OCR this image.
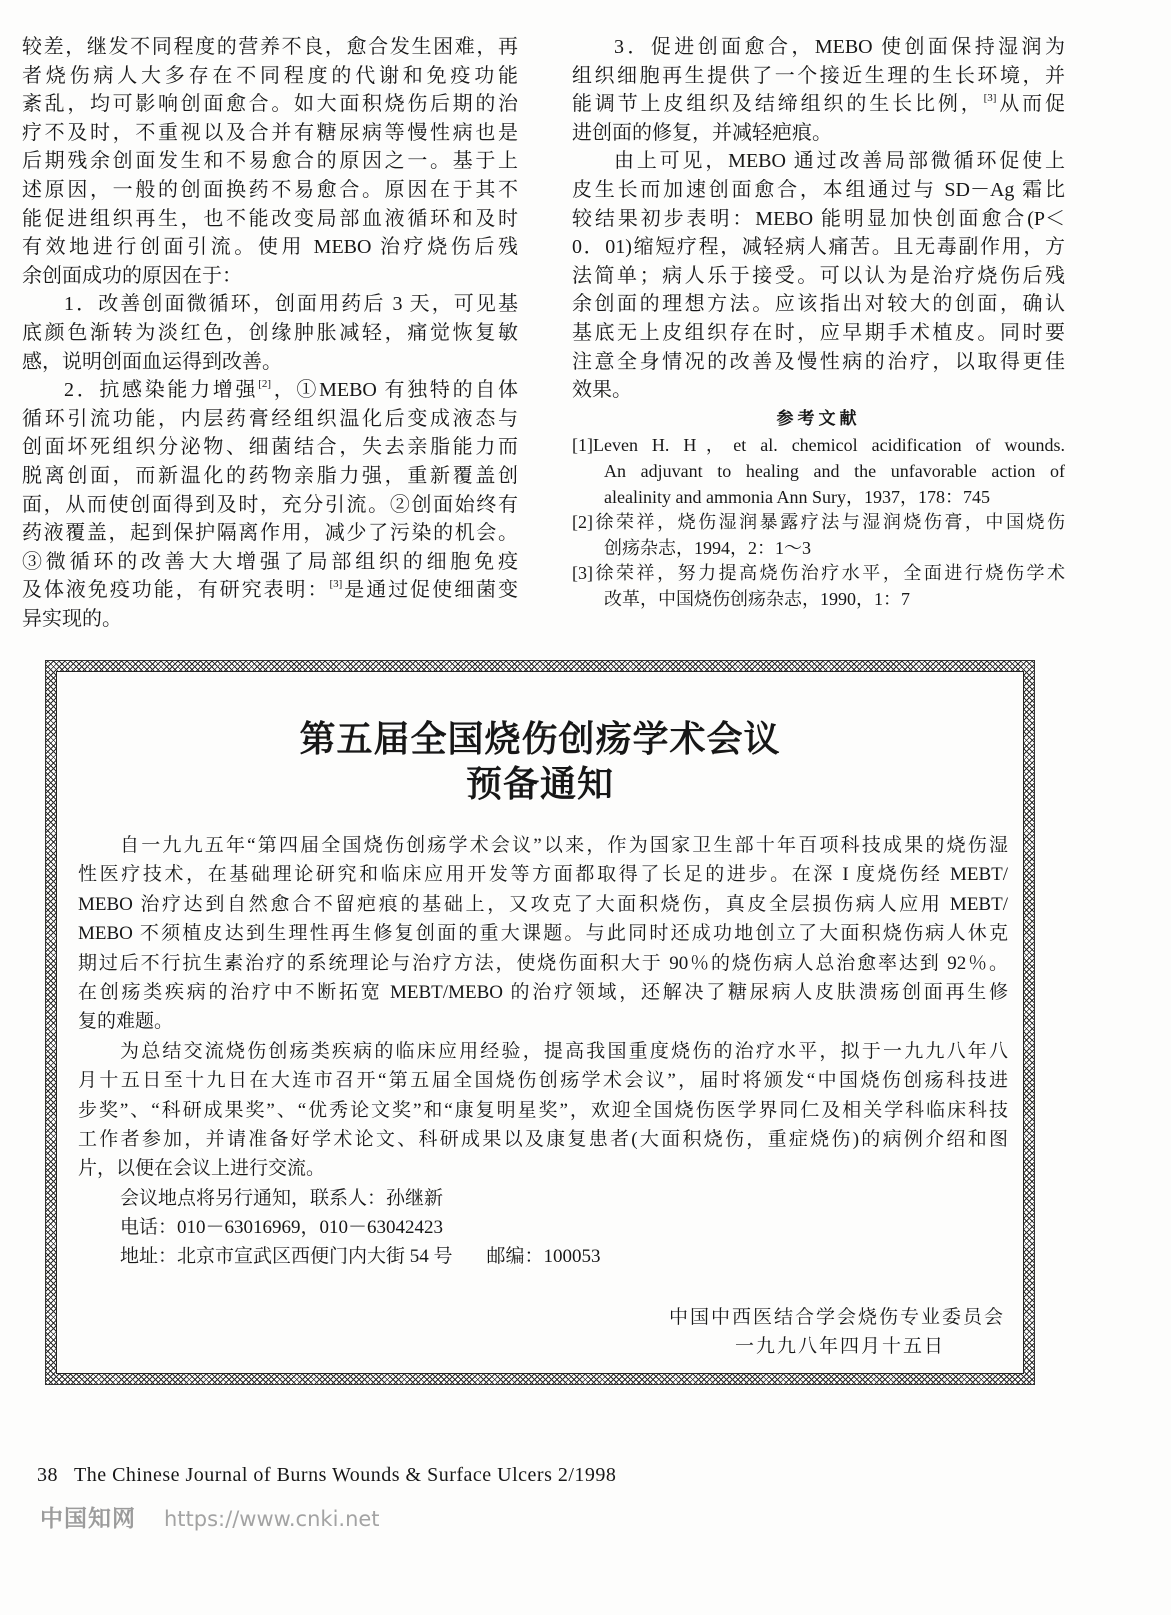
较差，继发不同程度的营养不良，愈合发生困难，再
者烧伤病人大多存在不同程度的代谢和免疫功能
紊乱，均可影响创面愈合。如大面积烧伤后期的治
疗不及时，不重视以及合并有糖尿病等慢性病也是
后期残余创面发生和不易愈合的原因之一。基于上
述原因，一般的创面换药不易愈合。原因在于其不
能促进组织再生，也不能改变局部血液循环和及时
有效地进行创面引流。使用 MEBO 治疗烧伤后残
余创面成功的原因在于：
1．改善创面微循环，创面用药后 3 天，可见基
底颜色渐转为淡红色，创缘肿胀减轻，痛觉恢复敏
感，说明创面血运得到改善。
2．抗感染能力增强[2]，①MEBO 有独特的自体
循环引流功能，内层药膏经组织温化后变成液态与
创面坏死组织分泌物、细菌结合，失去亲脂能力而
脱离创面，而新温化的药物亲脂力强，重新覆盖创
面，从而使创面得到及时，充分引流。②创面始终有
药液覆盖，起到保护隔离作用，减少了污染的机会。
③微循环的改善大大增强了局部组织的细胞免疫
及体液免疫功能，有研究表明：[3]是通过促使细菌变
异实现的。
3．促进创面愈合，MEBO 使创面保持湿润为
组织细胞再生提供了一个接近生理的生长环境，并
能调节上皮组织及结缔组织的生长比例，[3]从而促
进创面的修复，并减轻疤痕。
由上可见，MEBO 通过改善局部微循环促使上
皮生长而加速创面愈合，本组通过与 SD－Ag 霜比
较结果初步表明：MEBO 能明显加快创面愈合(P＜
0．01)缩短疗程，减轻病人痛苦。且无毒副作用，方
法简单；病人乐于接受。可以认为是治疗烧伤后残
余创面的理想方法。应该指出对较大的创面，确认
基底无上皮组织存在时，应早期手术植皮。同时要
注意全身情况的改善及慢性病的治疗，以取得更佳
效果。
参考文献
[1]Leven H. H，et al. chemicol acidification of wounds.
An adjuvant to healing and the unfavorable action of
alealinity and ammonia Ann Sury，1937，178：745
[2]徐荣祥，烧伤湿润暴露疗法与湿润烧伤膏，中国烧伤
创疡杂志，1994，2：1～3
[3]徐荣祥，努力提高烧伤治疗水平，全面进行烧伤学术
改革，中国烧伤创疡杂志，1990，1：7
第五届全国烧伤创疡学术会议
预备通知
自一九九五年“第四届全国烧伤创疡学术会议”以来，作为国家卫生部十年百项科技成果的烧伤湿
性医疗技术，在基础理论研究和临床应用开发等方面都取得了长足的进步。在深 I 度烧伤经 MEBT/
MEBO 治疗达到自然愈合不留疤痕的基础上，又攻克了大面积烧伤，真皮全层损伤病人应用 MEBT/
MEBO 不须植皮达到生理性再生修复创面的重大课题。与此同时还成功地创立了大面积烧伤病人休克
期过后不行抗生素治疗的系统理论与治疗方法，使烧伤面积大于 90％的烧伤病人总治愈率达到 92％。
在创疡类疾病的治疗中不断拓宽 MEBT/MEBO 的治疗领域，还解决了糖尿病人皮肤溃疡创面再生修
复的难题。
为总结交流烧伤创疡类疾病的临床应用经验，提高我国重度烧伤的治疗水平，拟于一九九八年八
月十五日至十九日在大连市召开“第五届全国烧伤创疡学术会议”，届时将颁发“中国烧伤创疡科技进
步奖”、“科研成果奖”、“优秀论文奖”和“康复明星奖”，欢迎全国烧伤医学界同仁及相关学科临床科技
工作者参加，并请准备好学术论文、科研成果以及康复患者(大面积烧伤，重症烧伤)的病例介绍和图
片，以便在会议上进行交流。
会议地点将另行通知，联系人：孙继新
电话：010－63016969，010－63042423
地址：北京市宣武区西便门内大街 54 号 邮编：100053
中国中西医结合学会烧伤专业委员会
一九九八年四月十五日
38 The Chinese Journal of Burns Wounds & Surface Ulcers 2/1998
中国知网 https://www.cnki.net
